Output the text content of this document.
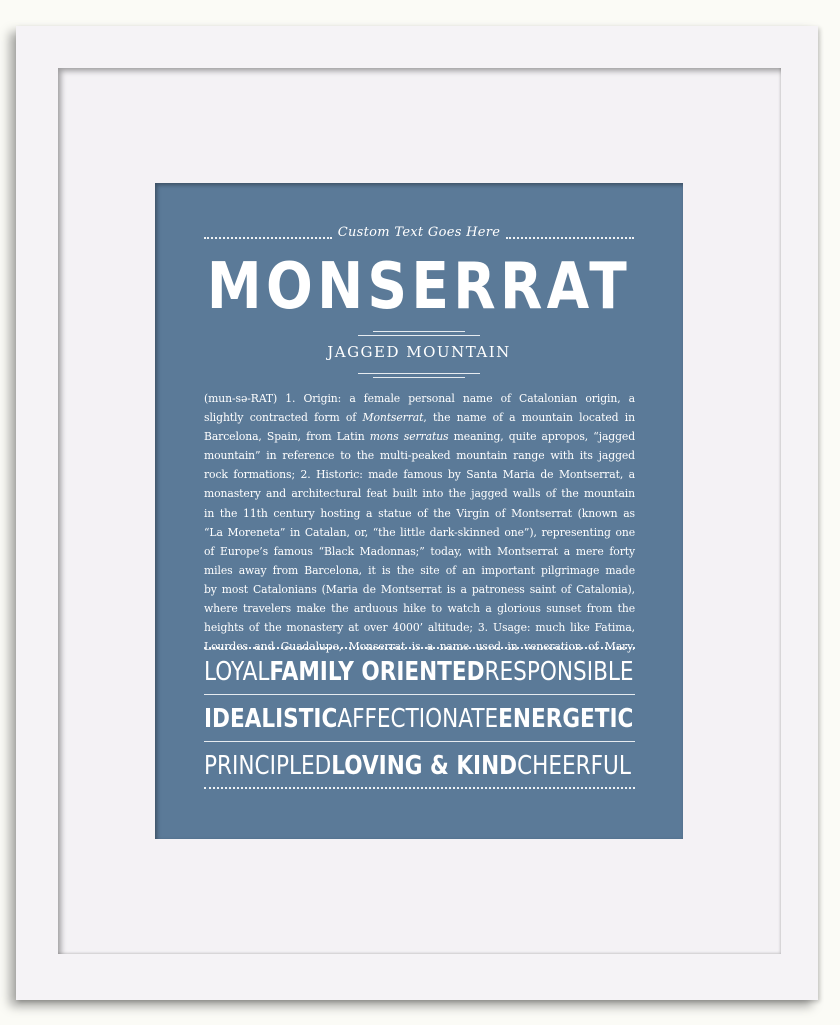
Custom Text Goes Here
MONSERRAT
JAGGED MOUNTAIN
(mun-sə-RAT) 1. Origin: a female personal name of Catalonian origin, a
slightly contracted form of Montserrat, the name of a mountain located in
Barcelona, Spain, from Latin mons serratus meaning, quite apropos, “jagged
mountain” in reference to the multi-peaked mountain range with its jagged
rock formations; 2. Historic: made famous by Santa Maria de Montserrat, a
monastery and architectural feat built into the jagged walls of the mountain
in the 11th century hosting a statue of the Virgin of Montserrat (known as
“La Moreneta” in Catalan, or, “the little dark-skinned one”), representing one
of Europe’s famous “Black Madonnas;” today, with Montserrat a mere forty
miles away from Barcelona, it is the site of an important pilgrimage made
by most Catalonians (Maria de Montserrat is a patroness saint of Catalonia),
where travelers make the arduous hike to watch a glorious sunset from the
heights of the monastery at over 4000’ altitude; 3. Usage: much like Fatima,
Lourdes and Guadalupe, Monserrat is a name used in veneration of Mary.
LOYAL FAMILY ORIENTED RESPONSIBLE
IDEALISTIC AFFECTIONATE ENERGETIC
PRINCIPLED LOVING & KIND CHEERFUL
